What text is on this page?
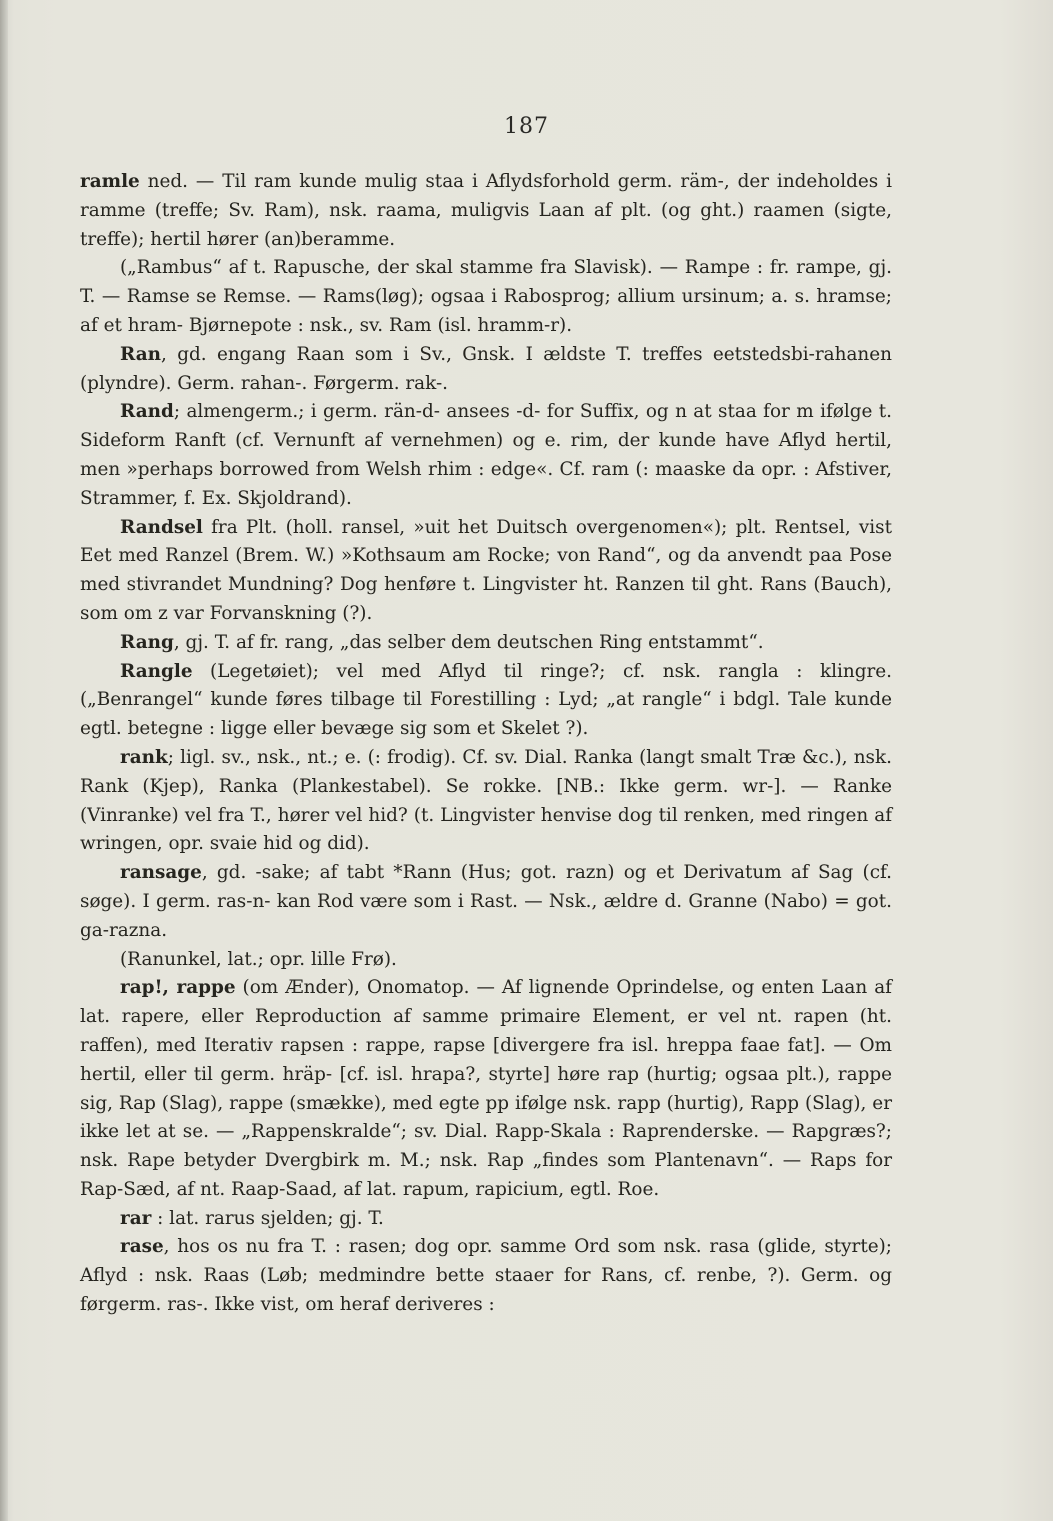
187

ramle ned. — Til ram kunde mulig staa i Aflydsforhold germ. räm-, der indeholdes i ramme (treffe; Sv. Ram), nsk. raama, muligvis Laan af plt. (og ght.) raamen (sigte, treffe); hertil hører (an)beramme.

(„Rambus“ af t. Rapusche, der skal stamme fra Slavisk). — Rampe : fr. rampe, gj. T. — Ramse se Remse. — Rams(løg); ogsaa i Rabosprog; allium ursinum; a. s. hramse; af et hram- Bjørnepote : nsk., sv. Ram (isl. hramm-r).

Ran, gd. engang Raan som i Sv., Gnsk. I ældste T. treffes eetstedsbi-rahanen (plyndre). Germ. rahan-. Førgerm. rak-.

Rand; almengerm.; i germ. rän-d- ansees -d- for Suffix, og n at staa for m ifølge t. Sideform Ranft (cf. Vernunft af vernehmen) og e. rim, der kunde have Aflyd hertil, men »perhaps borrowed from Welsh rhim : edge«. Cf. ram (: maaske da opr. : Afstiver, Strammer, f. Ex. Skjoldrand).

Randsel fra Plt. (holl. ransel, »uit het Duitsch overgenomen«); plt. Rentsel, vist Eet med Ranzel (Brem. W.) »Kothsaum am Rocke; von Rand“, og da anvendt paa Pose med stivrandet Mundning? Dog henføre t. Lingvister ht. Ranzen til ght. Rans (Bauch), som om z var Forvanskning (?).

Rang, gj. T. af fr. rang, „das selber dem deutschen Ring entstammt“.

Rangle (Legetøiet); vel med Aflyd til ringe?; cf. nsk. rangla : klingre. („Benrangel“ kunde føres tilbage til Forestilling : Lyd; „at rangle“ i bdgl. Tale kunde egtl. betegne : ligge eller bevæge sig som et Skelet ?).

rank; ligl. sv., nsk., nt.; e. (: frodig). Cf. sv. Dial. Ranka (langt smalt Træ &c.), nsk. Rank (Kjep), Ranka (Plankestabel). Se rokke. [NB.: Ikke germ. wr-]. — Ranke (Vinranke) vel fra T., hører vel hid? (t. Lingvister henvise dog til renken, med ringen af wringen, opr. svaie hid og did).

ransage, gd. -sake; af tabt *Rann (Hus; got. razn) og et Derivatum af Sag (cf. søge). I germ. ras-n- kan Rod være som i Rast. — Nsk., ældre d. Granne (Nabo) = got. ga-razna.

(Ranunkel, lat.; opr. lille Frø).

rap!, rappe (om Ænder), Onomatop. — Af lignende Oprindelse, og enten Laan af lat. rapere, eller Reproduction af samme primaire Element, er vel nt. rapen (ht. raffen), med Iterativ rapsen : rappe, rapse [divergere fra isl. hreppa faae fat]. — Om hertil, eller til germ. hräp- [cf. isl. hrapa?, styrte] høre rap (hurtig; ogsaa plt.), rappe sig, Rap (Slag), rappe (smække), med egte pp ifølge nsk. rapp (hurtig), Rapp (Slag), er ikke let at se. — „Rappenskralde“; sv. Dial. Rapp-Skala : Raprenderske. — Rapgræs?; nsk. Rape betyder Dvergbirk m. M.; nsk. Rap „findes som Plantenavn“. — Raps for Rap-Sæd, af nt. Raap-Saad, af lat. rapum, rapicium, egtl. Roe.

rar : lat. rarus sjelden; gj. T.

rase, hos os nu fra T. : rasen; dog opr. samme Ord som nsk. rasa (glide, styrte); Aflyd : nsk. Raas (Løb; medmindre bette staaer for Rans, cf. renbe, ?). Germ. og førgerm. ras-. Ikke vist, om heraf deriveres :
